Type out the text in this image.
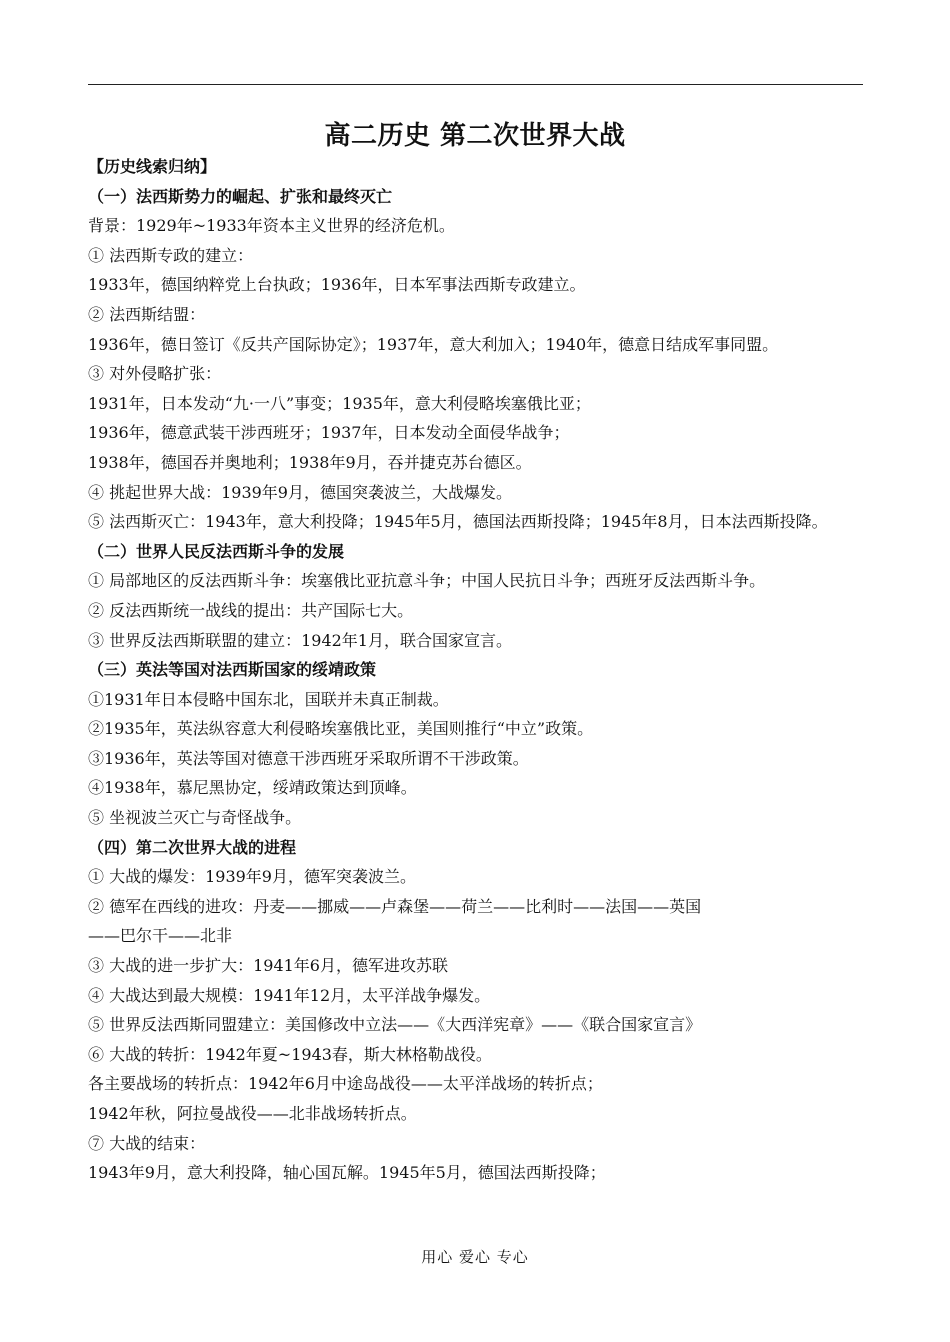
高二历史 第二次世界大战
【历史线索归纳】
（一）法西斯势力的崛起、扩张和最终灭亡
背景：1929年~1933年资本主义世界的经济危机。
① 法西斯专政的建立：
1933年，德国纳粹党上台执政；1936年，日本军事法西斯专政建立。
② 法西斯结盟：
1936年，德日签订《反共产国际协定》；1937年，意大利加入；1940年，德意日结成军事同盟。
③ 对外侵略扩张：
1931年，日本发动“九·一八”事变；1935年，意大利侵略埃塞俄比亚；
1936年，德意武装干涉西班牙；1937年，日本发动全面侵华战争；
1938年，德国吞并奥地利；1938年9月，吞并捷克苏台德区。
④ 挑起世界大战：1939年9月，德国突袭波兰，大战爆发。
⑤ 法西斯灭亡：1943年，意大利投降；1945年5月，德国法西斯投降；1945年8月，日本法西斯投降。
（二）世界人民反法西斯斗争的发展
① 局部地区的反法西斯斗争：埃塞俄比亚抗意斗争；中国人民抗日斗争；西班牙反法西斯斗争。
② 反法西斯统一战线的提出：共产国际七大。
③ 世界反法西斯联盟的建立：1942年1月，联合国家宣言。
（三）英法等国对法西斯国家的绥靖政策
①1931年日本侵略中国东北，国联并未真正制裁。
②1935年，英法纵容意大利侵略埃塞俄比亚，美国则推行“中立”政策。
③1936年，英法等国对德意干涉西班牙采取所谓不干涉政策。
④1938年，慕尼黑协定，绥靖政策达到顶峰。
⑤ 坐视波兰灭亡与奇怪战争。
（四）第二次世界大战的进程
① 大战的爆发：1939年9月，德军突袭波兰。
② 德军在西线的进攻：丹麦——挪威——卢森堡——荷兰——比利时——法国——英国
——巴尔干——北非
③ 大战的进一步扩大：1941年6月，德军进攻苏联
④ 大战达到最大规模：1941年12月，太平洋战争爆发。
⑤ 世界反法西斯同盟建立：美国修改中立法——《大西洋宪章》——《联合国家宣言》
⑥ 大战的转折：1942年夏~1943春，斯大林格勒战役。
各主要战场的转折点：1942年6月中途岛战役——太平洋战场的转折点；
1942年秋，阿拉曼战役——北非战场转折点。
⑦ 大战的结束：
1943年9月，意大利投降，轴心国瓦解。1945年5月，德国法西斯投降；
用心 爱心 专心
